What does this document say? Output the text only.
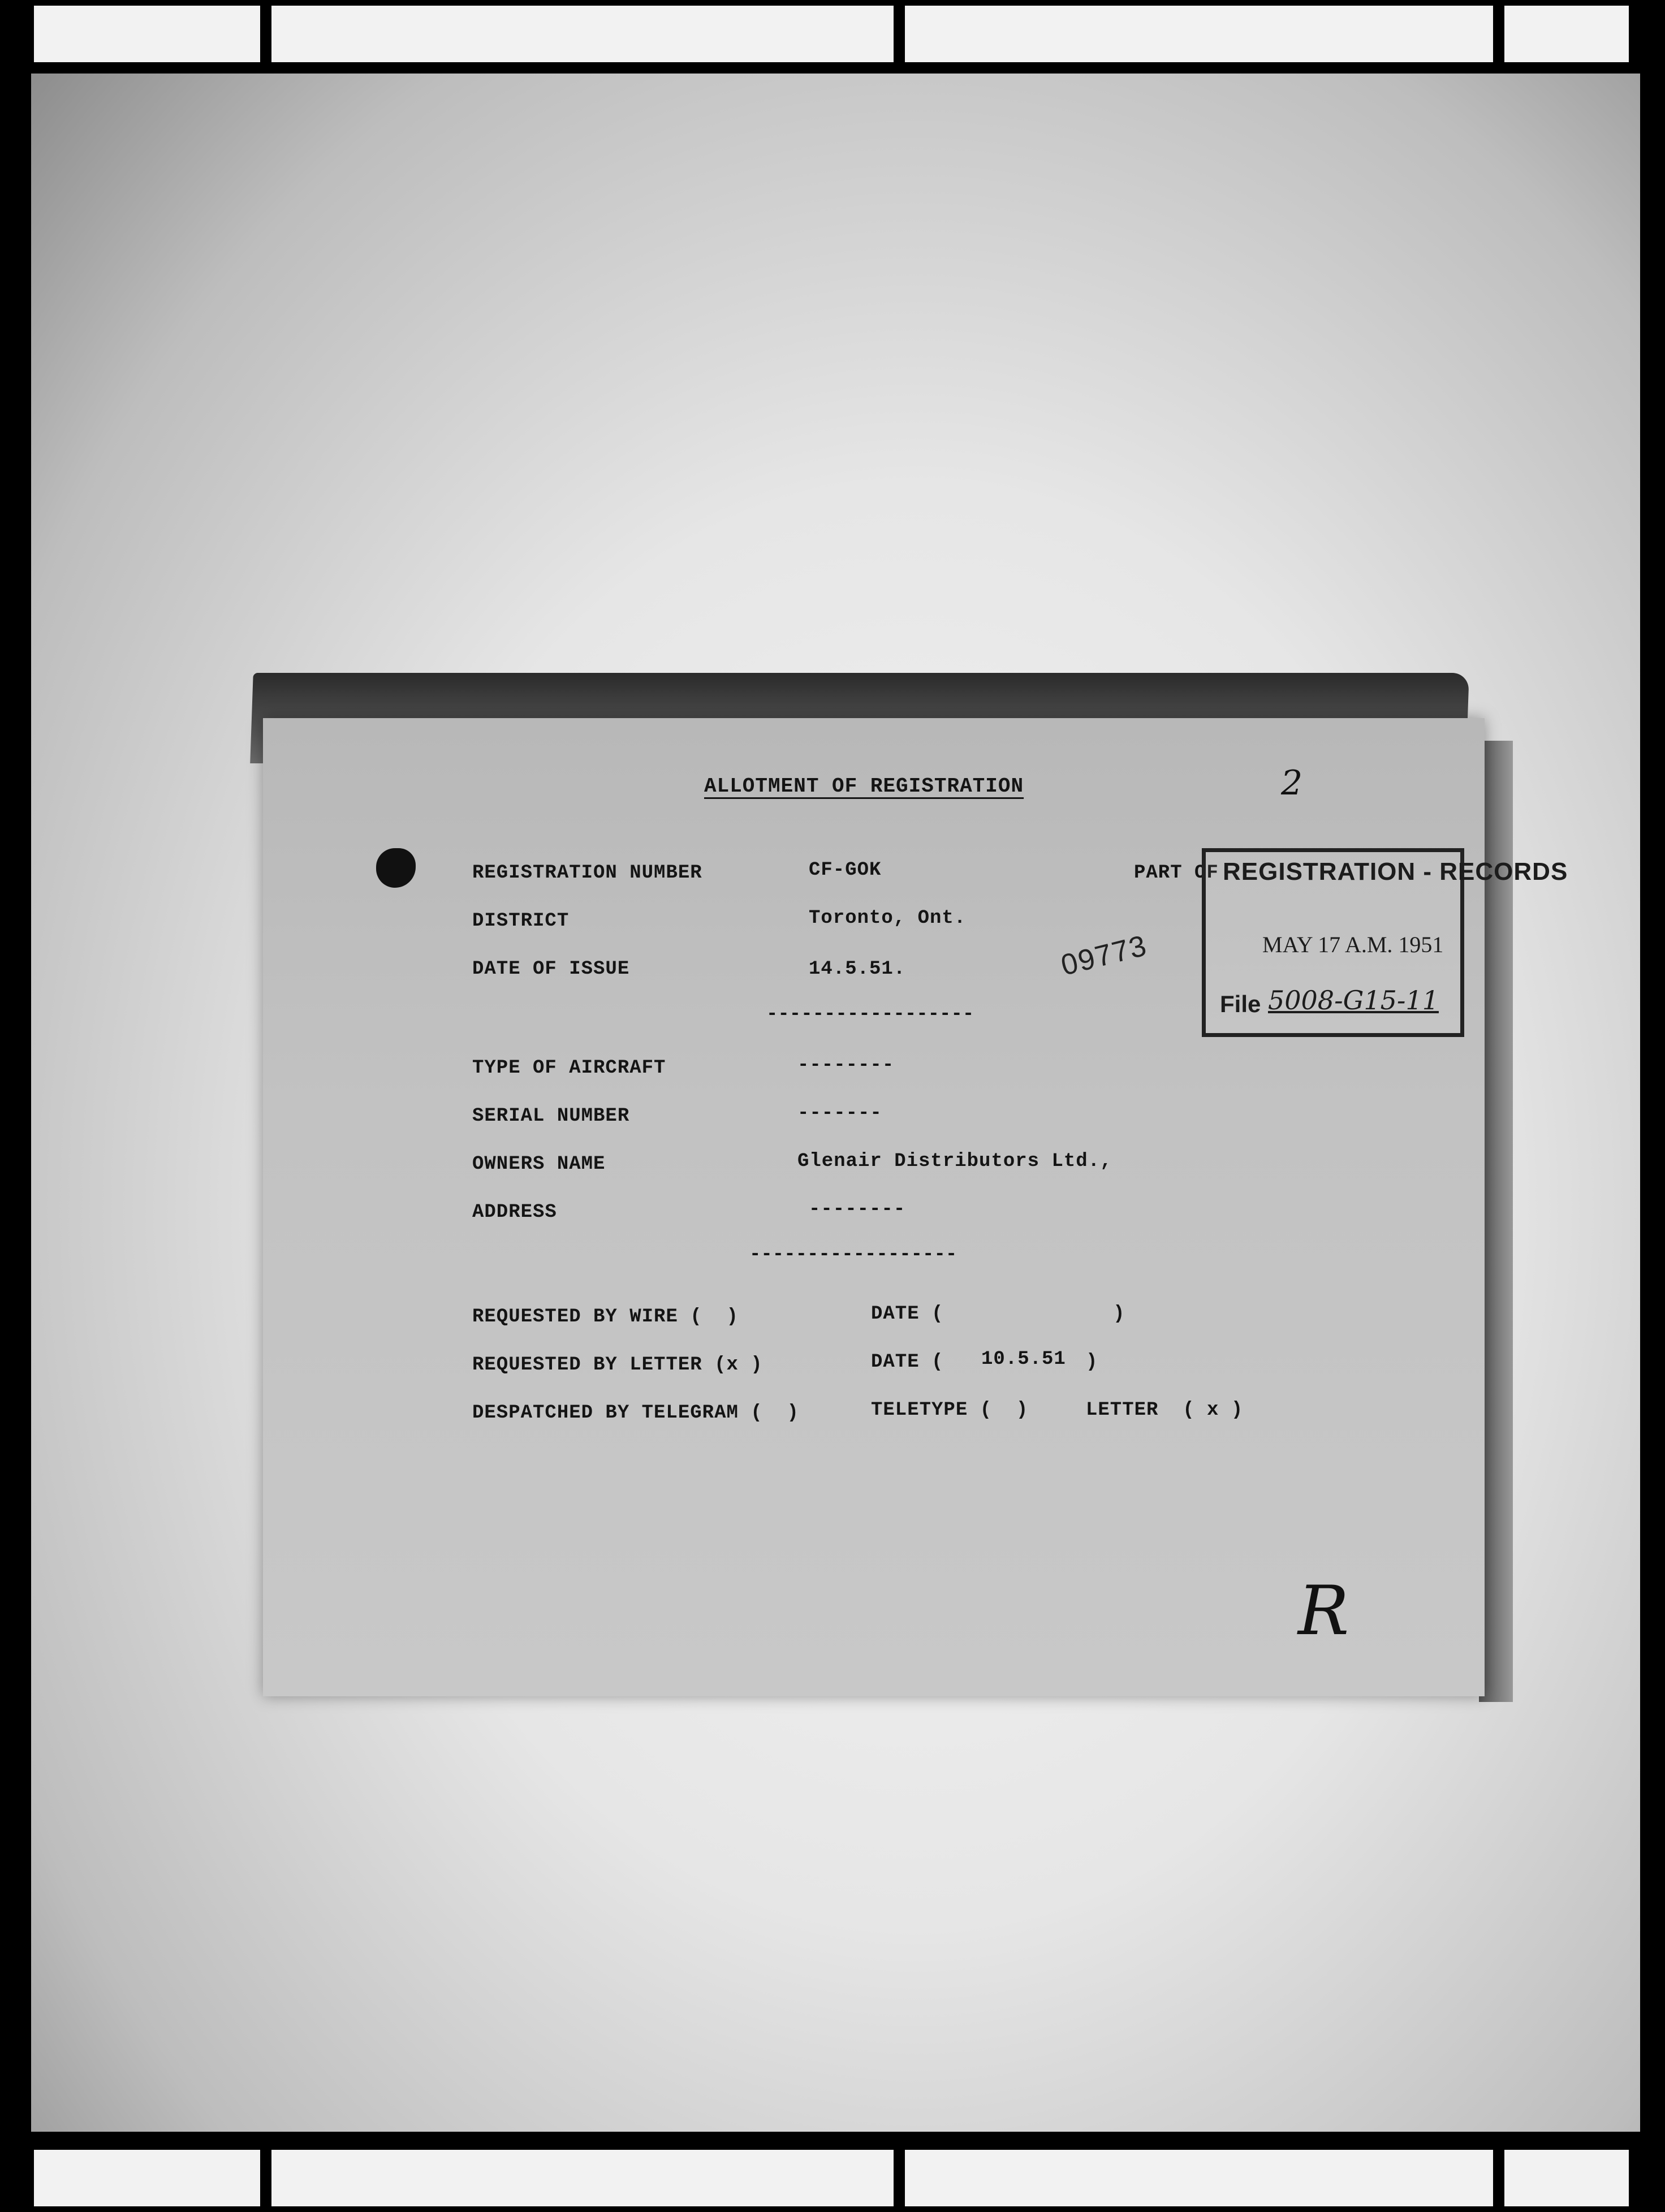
2
ALLOTMENT OF REGISTRATION
REGISTRATION NUMBER	CF-GOK
DISTRICT	Toronto, Ont.
DATE OF ISSUE	14.5.51.
PART OF
09773
REGISTRATION - RECORDS
MAY 17 A.M. 1951
File 5008-G15-11
------------------
TYPE OF AIRCRAFT	--------
SERIAL NUMBER	-------
OWNERS NAME	Glenair Distributors Ltd.,
ADDRESS	--------
------------------
REQUESTED BY WIRE (  )	DATE (              )
REQUESTED BY LETTER (x )	DATE ( 10.5.51 )
DESPATCHED BY TELEGRAM (  )	TELETYPE (  )	LETTER  ( x )
R
